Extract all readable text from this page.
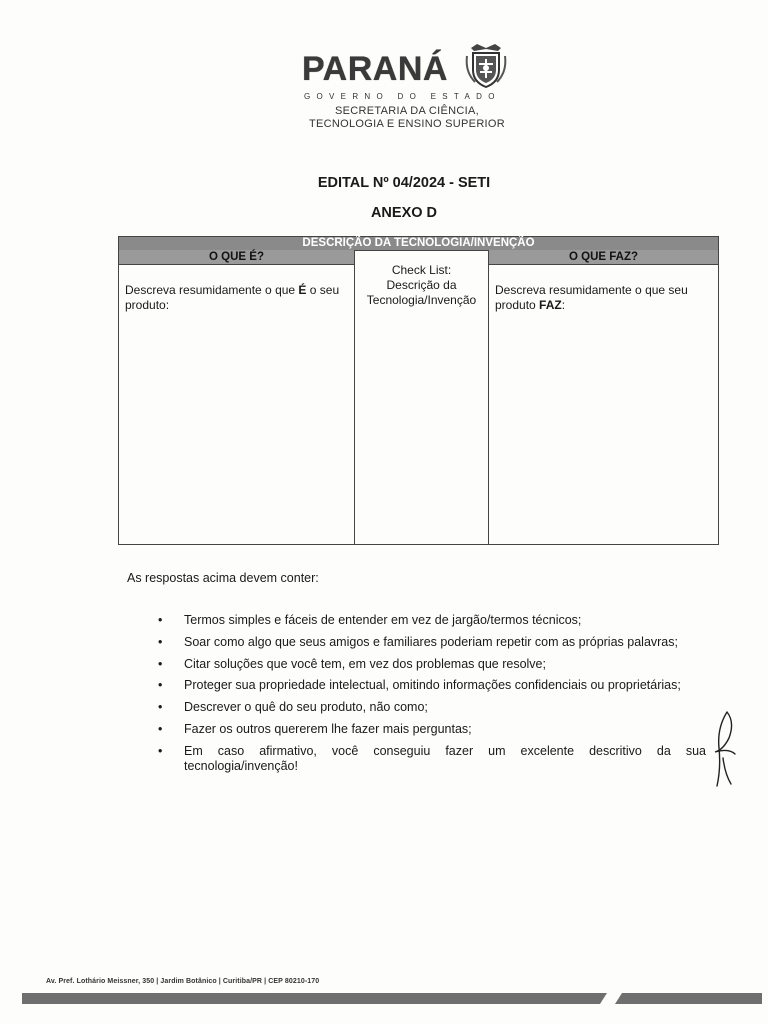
PARANÁ
GOVERNO DO ESTADO
SECRETARIA DA CIÊNCIA,
TECNOLOGIA E ENSINO SUPERIOR
EDITAL Nº 04/2024 - SETI
ANEXO D
DESCRIÇÃO DA TECNOLOGIA/INVENÇÃO
O QUE É?
Descreva resumidamente o que É o seu produto:
Check List:
Descrição da
Tecnologia/Invenção
O QUE FAZ?
Descreva resumidamente o que seu produto FAZ:
As respostas acima devem conter:
• Termos simples e fáceis de entender em vez de jargão/termos técnicos;
• Soar como algo que seus amigos e familiares poderiam repetir com as próprias palavras;
• Citar soluções que você tem, em vez dos problemas que resolve;
• Proteger sua propriedade intelectual, omitindo informações confidenciais ou proprietárias;
• Descrever o quê do seu produto, não como;
• Fazer os outros quererem lhe fazer mais perguntas;
• Em caso afirmativo, você conseguiu fazer um excelente descritivo da sua tecnologia/invenção!
Av. Pref. Lothário Meissner, 350 | Jardim Botânico | Curitiba/PR | CEP 80210-170
